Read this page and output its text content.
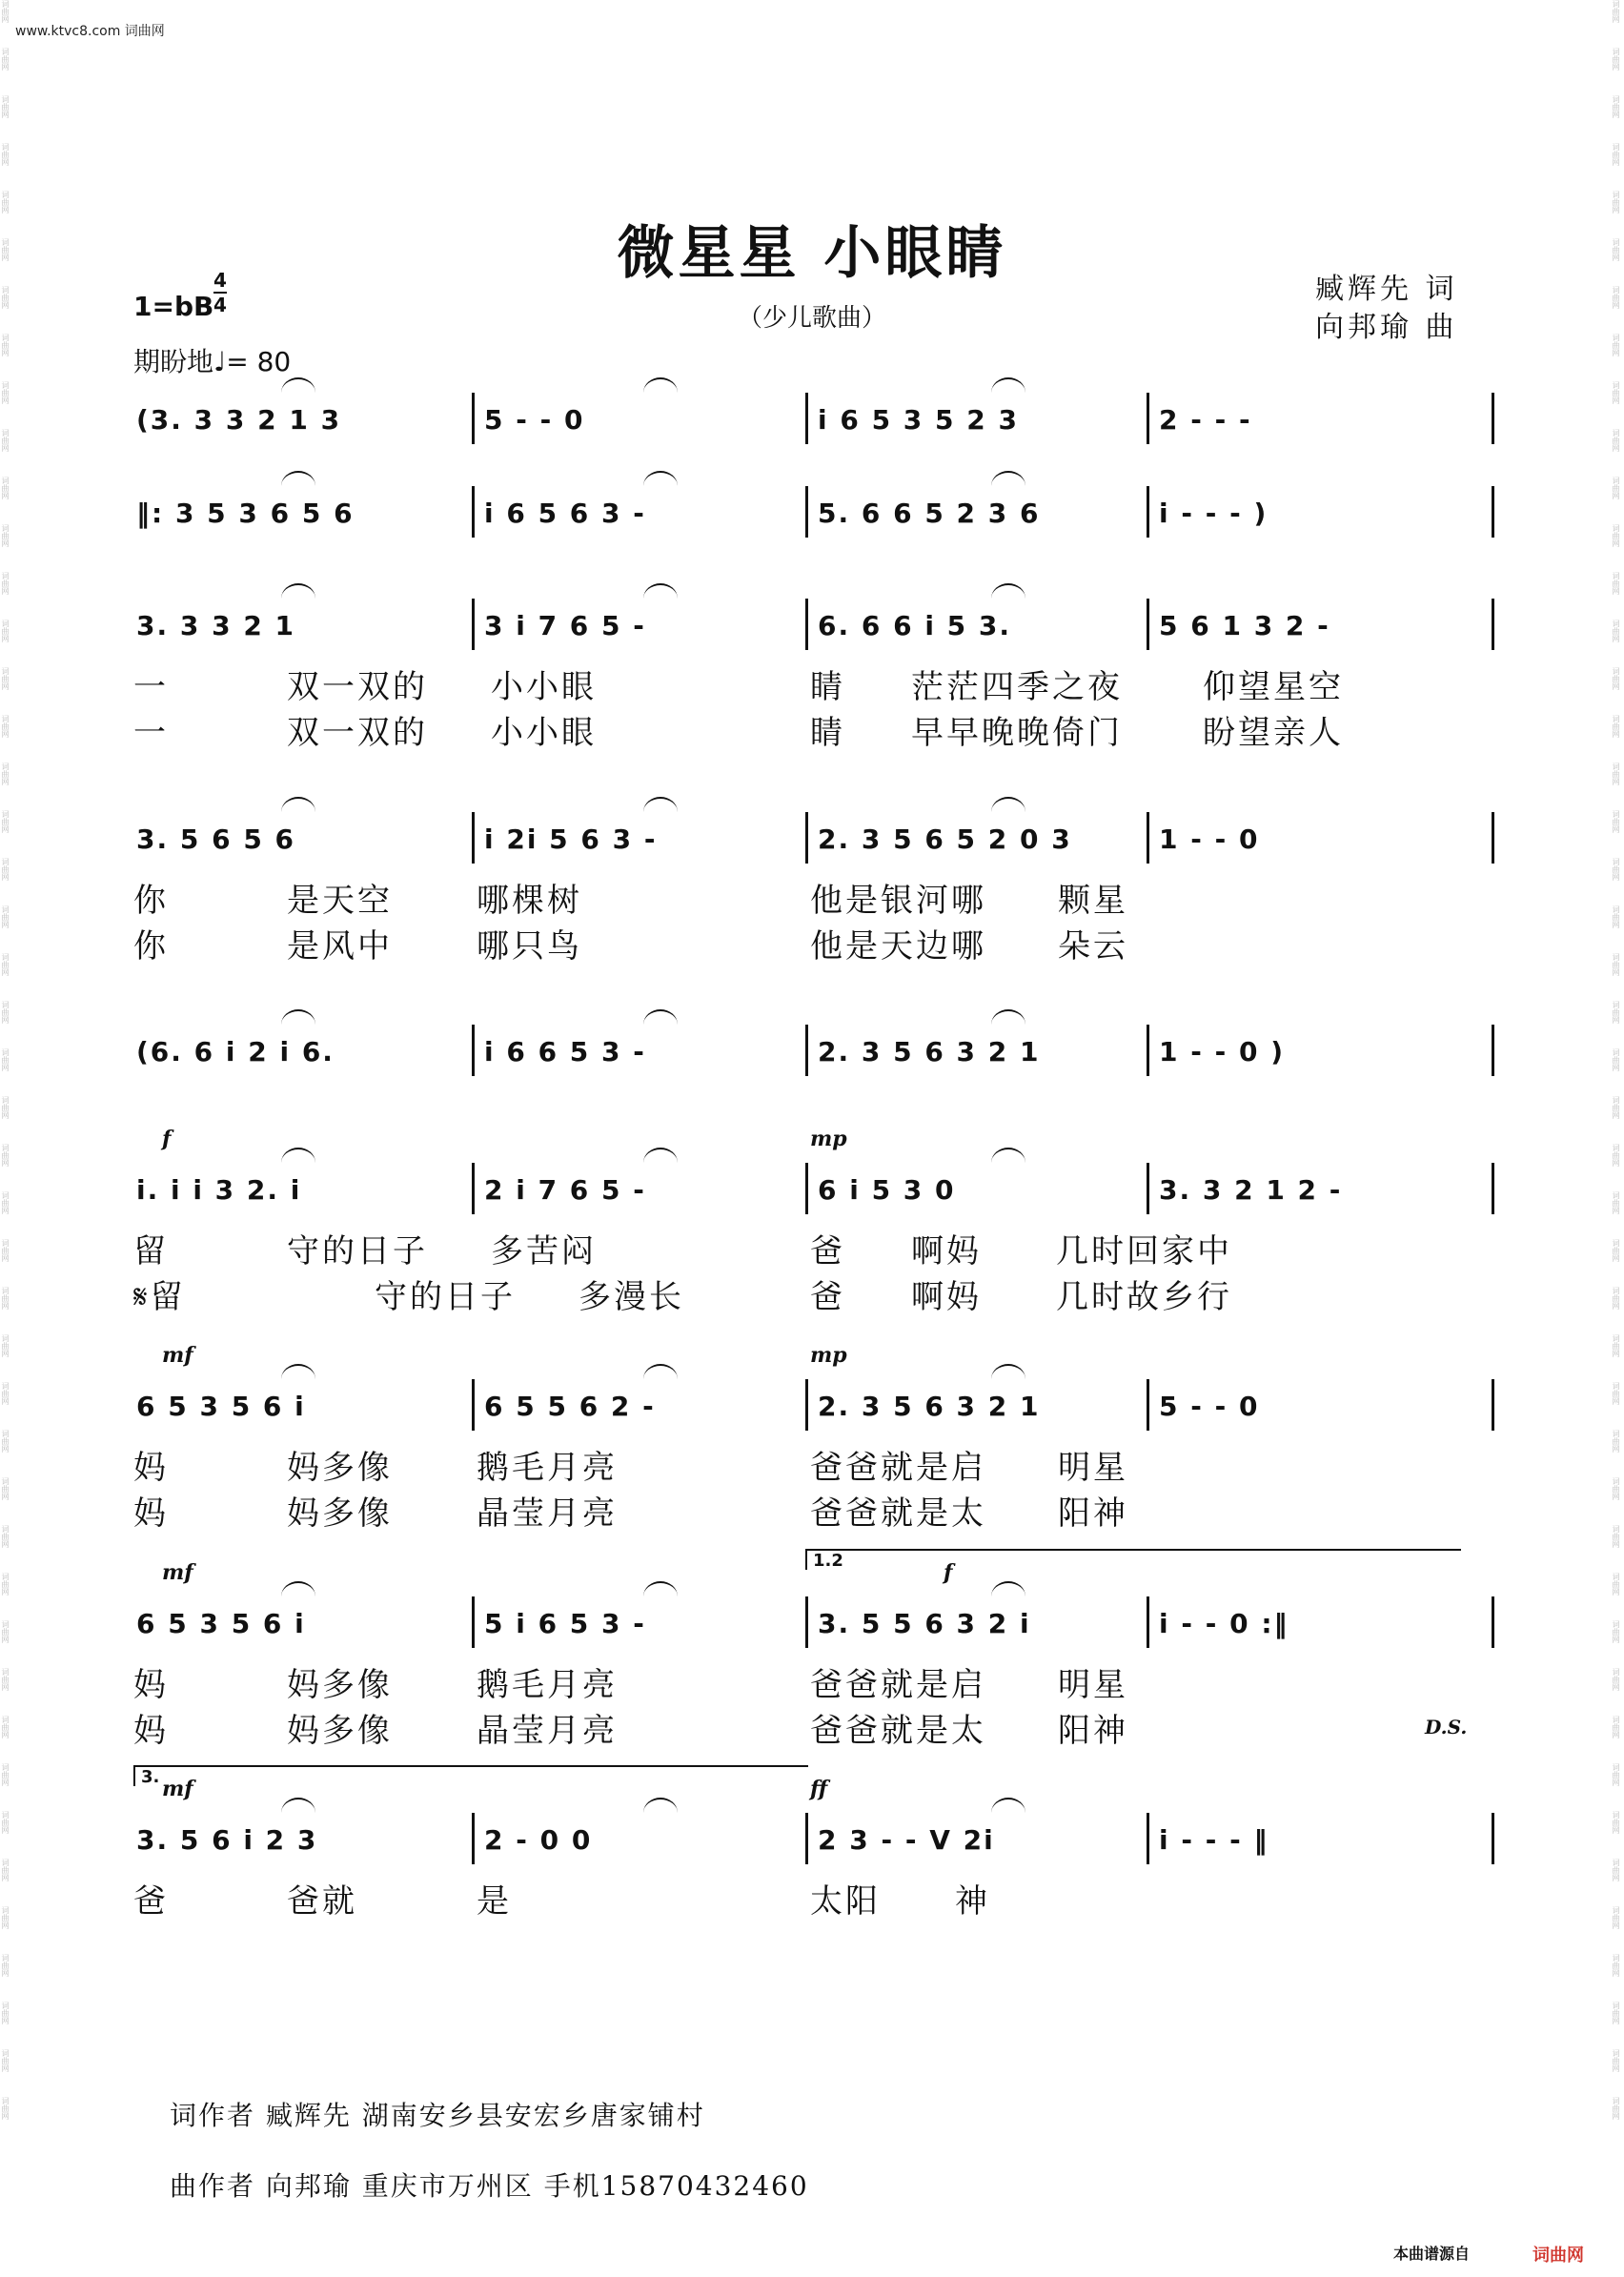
词曲网
词曲网
词曲网
词曲网
词曲网
词曲网
词曲网
词曲网
词曲网
词曲网
词曲网
词曲网
词曲网
词曲网
词曲网
词曲网
词曲网
词曲网
词曲网
词曲网
词曲网
词曲网
词曲网
词曲网
词曲网
词曲网
词曲网
词曲网
词曲网
词曲网
词曲网
词曲网
词曲网
词曲网
词曲网
词曲网
词曲网
词曲网
词曲网
词曲网
词曲网
词曲网
词曲网
词曲网
词曲网
词曲网
词曲网
词曲网
词曲网
词曲网
词曲网
词曲网
词曲网
词曲网
词曲网
词曲网
词曲网
词曲网
词曲网
词曲网
词曲网
词曲网
词曲网
词曲网
词曲网
词曲网
词曲网
词曲网
词曲网
词曲网
词曲网
词曲网
词曲网
词曲网
词曲网
词曲网
词曲网
词曲网
词曲网
词曲网
词曲网
词曲网
词曲网
词曲网
词曲网
词曲网
词曲网
词曲网
词曲网
词曲网
www.ktvc8.com 词曲网
微星星 小眼睛
（少儿歌曲）
臧辉先 词
向邦瑜 曲
1=bB
4
4
期盼地♩= 80
(3. 3 3 2 1 3	5 - - 0	i 6 5 3 5 2 3	2 - - -
‖: 3 5 3 6 5 6	i 6 5 6 3 -	5. 6 6 5 2 3 6	i - - - )
3. 3 3 2 1	3 i 7 6 5 -	6. 6 6 i 5 3.	5 6 1 3 2 -
一	双一双的 小小眼	睛 茫茫四季之夜 仰望星空
一	双一双的 小小眼	睛 早早晚晚倚门 盼望亲人
3. 5 6 5 6	i 2i 5 6 3 -	2. 3 5 6 5 2 0 3	1 - - 0
你	是天空	哪棵树	他是银河哪 颗星
你	是风中	哪只鸟	他是天边哪 朵云
(6. 6 i 2 i 6.	i 6 6 5 3 -	2. 3 5 6 3 2 1	1 - - 0 )
i. i i 3 2. i	2 i 7 6 5 -	6 i 5 3 0	3. 3 2 1 2 -
f	mp
留	守的日子 多苦闷	爸 啊妈 几时回家中
𝄋留	守的日子 多漫长	爸 啊妈 几时故乡行
6 5 3 5 6 i	6 5 5 6 2 -	2. 3 5 6 3 2 1	5 - - 0
mf	mp
妈	妈多像	鹅毛月亮	爸爸就是启 明星
妈	妈多像	晶莹月亮	爸爸就是太 阳神
6 5 3 5 6 i	5 i 6 5 3 -	3. 5 5 6 3 2 i	i - - 0 :‖
mf	f
1.2
妈	妈多像	鹅毛月亮	爸爸就是启 明星
妈	妈多像	晶莹月亮	爸爸就是太 阳神	D.S.
3. 5 6 i 2 3	2 - 0 0	2 3 - - V 2i	i - - - ‖
mf	ff
3.
爸	爸就	是	太阳 神
词作者 臧辉先 湖南安乡县安宏乡唐家铺村
曲作者 向邦瑜 重庆市万州区 手机15870432460
本曲谱源自	词曲网
